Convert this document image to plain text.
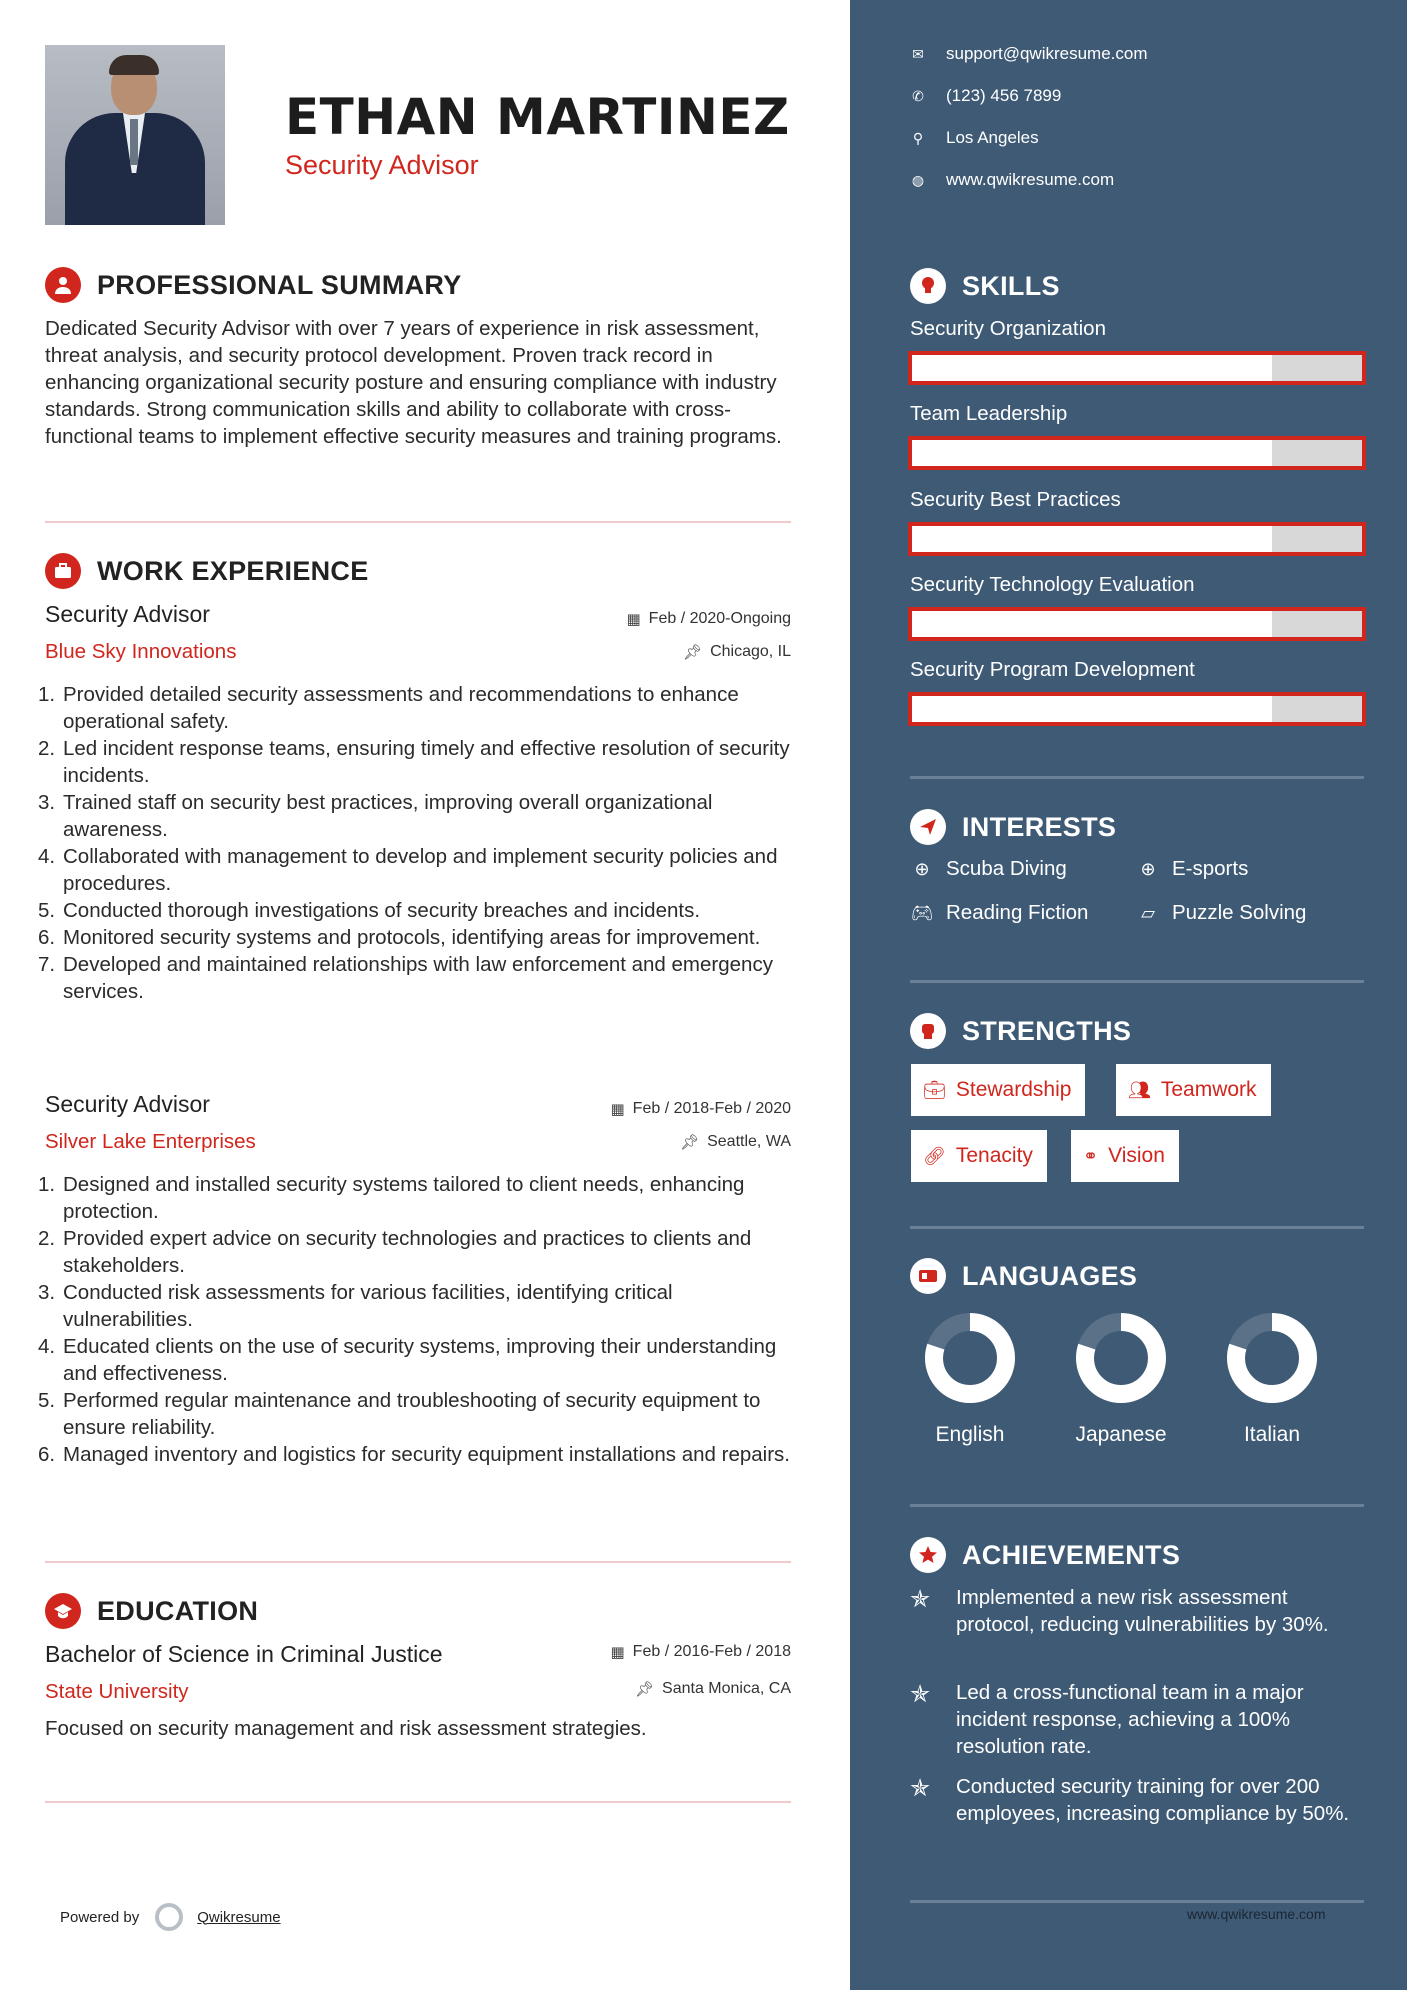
ETHAN MARTINEZ
Security Advisor
PROFESSIONAL SUMMARY
Dedicated Security Advisor with over 7 years of experience in risk assessment, threat analysis, and security protocol development. Proven track record in enhancing organizational security posture and ensuring compliance with industry standards. Strong communication skills and ability to collaborate with cross-functional teams to implement effective security measures and training programs.
WORK EXPERIENCE
Security Advisor	▦ Feb / 2020-Ongoing
Blue Sky Innovations	📌︎ Chicago, IL
1. Provided detailed security assessments and recommendations to enhance operational safety.
2. Led incident response teams, ensuring timely and effective resolution of security incidents.
3. Trained staff on security best practices, improving overall organizational awareness.
4. Collaborated with management to develop and implement security policies and procedures.
5. Conducted thorough investigations of security breaches and incidents.
6. Monitored security systems and protocols, identifying areas for improvement.
7. Developed and maintained relationships with law enforcement and emergency services.
Security Advisor	▦ Feb / 2018-Feb / 2020
Silver Lake Enterprises	📌︎ Seattle, WA
1. Designed and installed security systems tailored to client needs, enhancing protection.
2. Provided expert advice on security technologies and practices to clients and stakeholders.
3. Conducted risk assessments for various facilities, identifying critical vulnerabilities.
4. Educated clients on the use of security systems, improving their understanding and effectiveness.
5. Performed regular maintenance and troubleshooting of security equipment to ensure reliability.
6. Managed inventory and logistics for security equipment installations and repairs.
EDUCATION
Bachelor of Science in Criminal Justice	▦ Feb / 2016-Feb / 2018
State University	📌︎ Santa Monica, CA
Focused on security management and risk assessment strategies.
Powered by	Qwikresume
✉ support@qwikresume.com
✆ (123) 456 7899
⚲ Los Angeles
◍ www.qwikresume.com
SKILLS
Security Organization
Team Leadership
Security Best Practices
Security Technology Evaluation
Security Program Development
INTERESTS
⊕ Scuba Diving	⊕ E-sports
🎮︎ Reading Fiction	▱ Puzzle Solving
STRENGTHS
💼︎ Stewardship	👥︎ Teamwork
🔗︎ Tenacity	⚭ Vision
LANGUAGES
English	Japanese	Italian
ACHIEVEMENTS
✯	Implemented a new risk assessment protocol, reducing vulnerabilities by 30%.
✯	Led a cross-functional team in a major incident response, achieving a 100% resolution rate.
✯	Conducted security training for over 200 employees, increasing compliance by 50%.
www.qwikresume.com
